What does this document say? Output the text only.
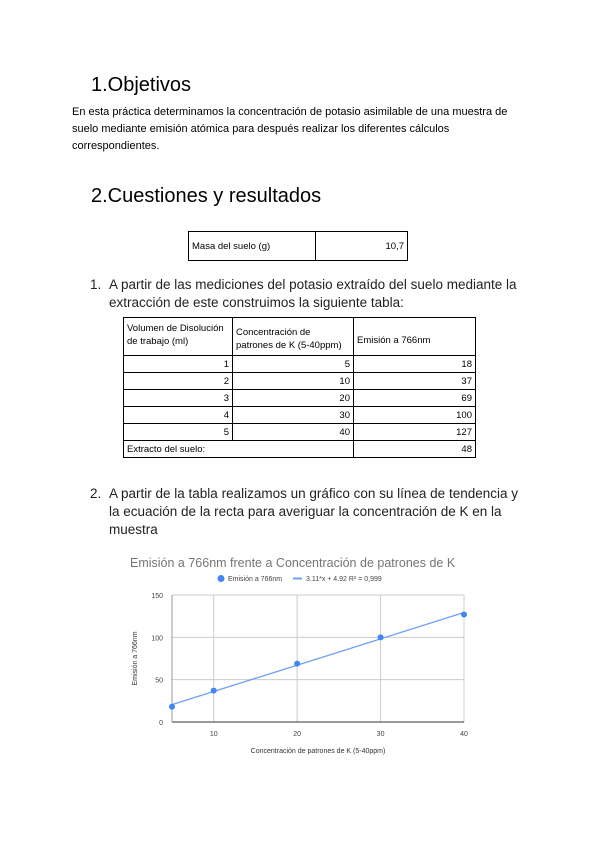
1.Objetivos

En esta práctica determinamos la concentración de potasio asimilable de una muestra de suelo mediante emisión atómica para después realizar los diferentes cálculos correspondientes.

2.Cuestiones y resultados
Masa del suelo (g)	10,7
1. A partir de las mediciones del potasio extraído del suelo mediante la extracción de este construimos la siguiente tabla:
Volumen de Disolución de trabajo (ml)	Concentración de patrones de K (5-40ppm)	Emisión a 766nm
1	5	18
2	10	37
3	20	69
4	30	100
5	40	127
Extracto del suelo:		48
2. A partir de la tabla realizamos un gráfico con su línea de tendencia y la ecuación de la recta para averiguar la concentración de K en la muestra
Emisión a 766nm frente a Concentración de patrones de K
0
50
100
150
10	20	30	40
Concentración de patrones de K (5-40ppm)
Emisión a 766nm
Emisión a 766nm	3.11*x + 4.92 R² = 0,999
